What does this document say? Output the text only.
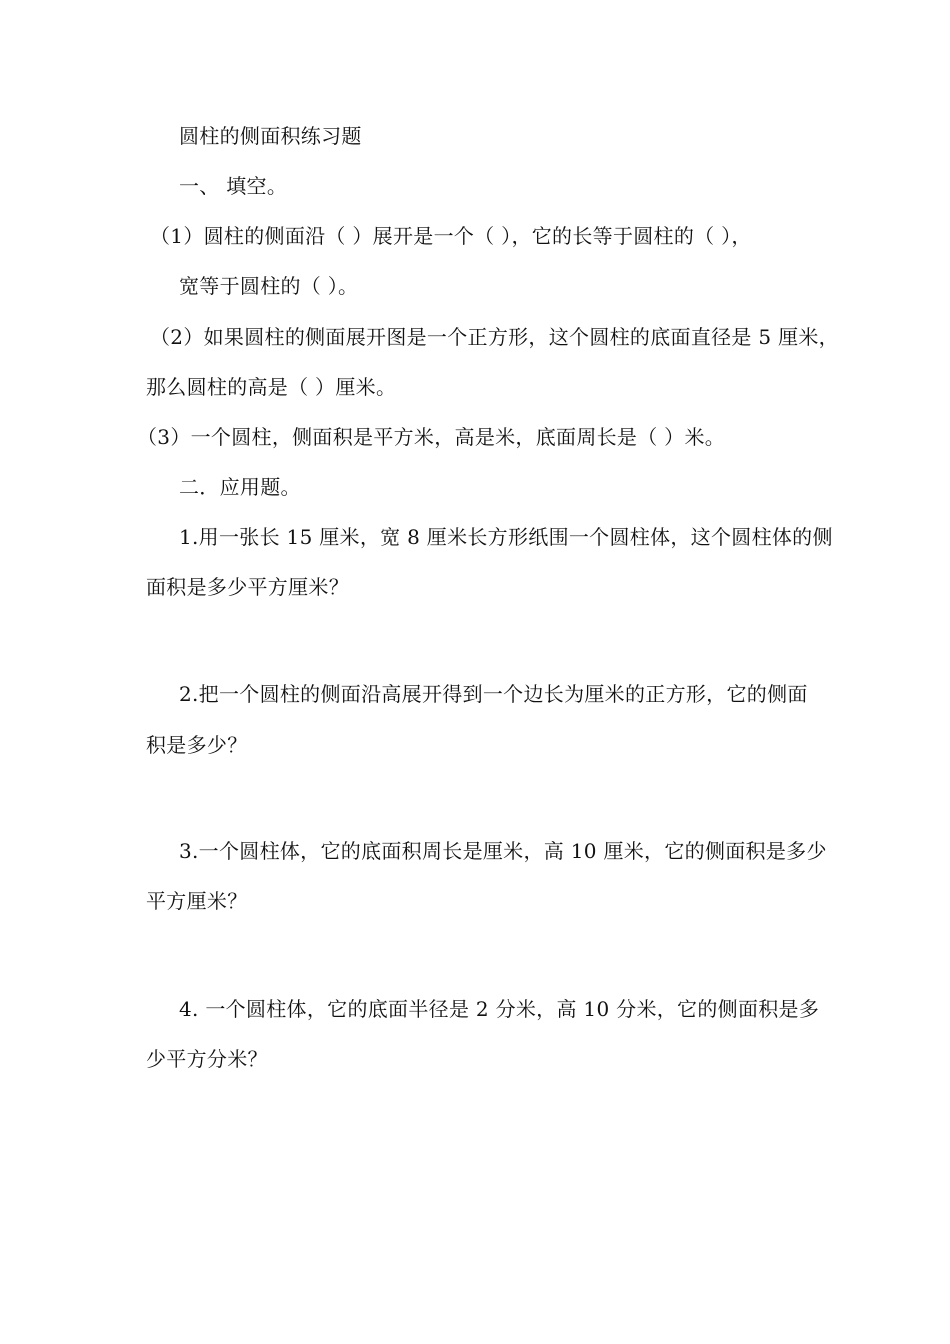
圆柱的侧面积练习题
一、 填空。
（1）圆柱的侧面沿（ ）展开是一个（ ），它的长等于圆柱的（ ），
宽等于圆柱的（ ）。
（2）如果圆柱的侧面展开图是一个正方形，这个圆柱的底面直径是 5 厘米，
那么圆柱的高是（ ）厘米。
（3）一个圆柱，侧面积是平方米，高是米，底面周长是（ ）米。
二．应用题。
1.用一张长 15 厘米，宽 8 厘米长方形纸围一个圆柱体，这个圆柱体的侧
面积是多少平方厘米？
2.把一个圆柱的侧面沿高展开得到一个边长为厘米的正方形，它的侧面
积是多少？
3.一个圆柱体，它的底面积周长是厘米，高 10 厘米，它的侧面积是多少
平方厘米？
4. 一个圆柱体，它的底面半径是 2 分米，高 10 分米，它的侧面积是多
少平方分米？
